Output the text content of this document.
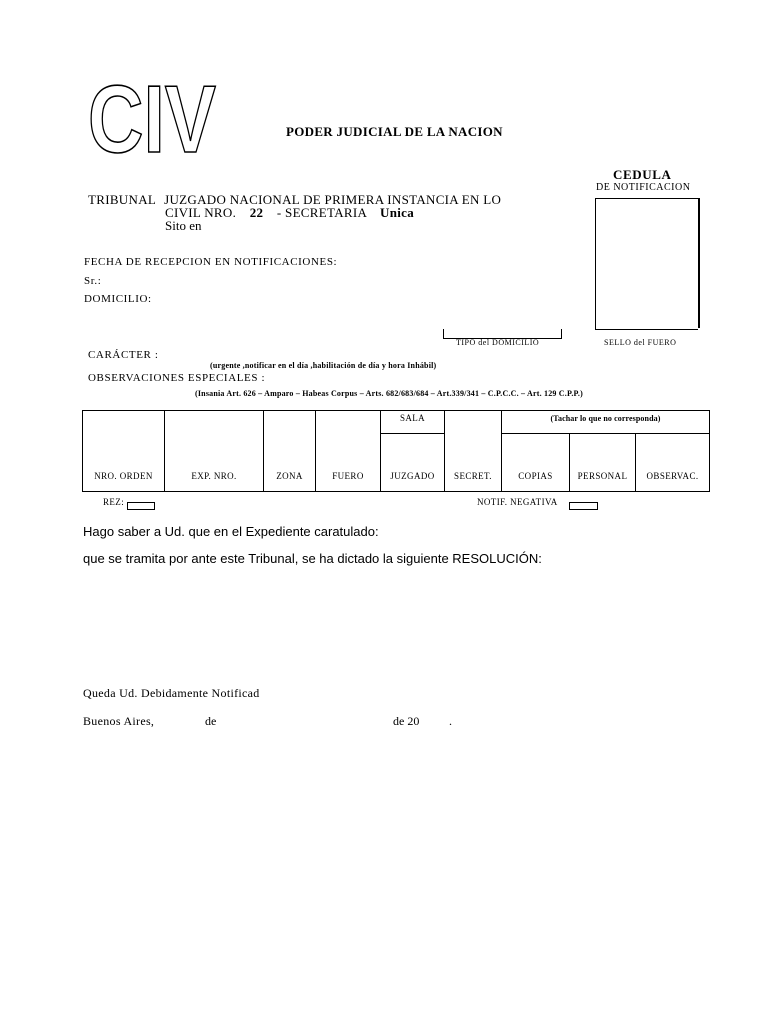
CIV	PODER JUDICIAL DE LA NACION
CEDULA
DE NOTIFICACION
TRIBUNAL JUZGADO NACIONAL DE PRIMERA INSTANCIA EN LO
CIVIL NRO. 22 - SECRETARIA Unica
Sito en
FECHA DE RECEPCION EN NOTIFICACIONES:
Sr.:
DOMICILIO:
TIPO del DOMICILIO	SELLO del FUERO
CARÁCTER :
(urgente ,notificar en el día ,habilitación de día y hora Inhábil)
OBSERVACIONES ESPECIALES :
(Insania Art. 626 – Amparo – Habeas Corpus – Arts. 682/683/684 – Art.339/341 – C.P.C.C. – Art. 129 C.P.P.)
				SALA		(Tachar lo que no corresponda)		

NRO. ORDEN	EXP. NRO.	ZONA	FUERO	JUZGADO	SECRET.	COPIAS	PERSONAL	OBSERVAC.
REZ:	NOTIF. NEGATIVA
Hago saber a Ud. que en el Expediente caratulado:
que se tramita por ante este Tribunal, se ha dictado la siguiente RESOLUCIÓN:
Queda Ud. Debidamente Notificad
Buenos Aires,	de	de 20 .
